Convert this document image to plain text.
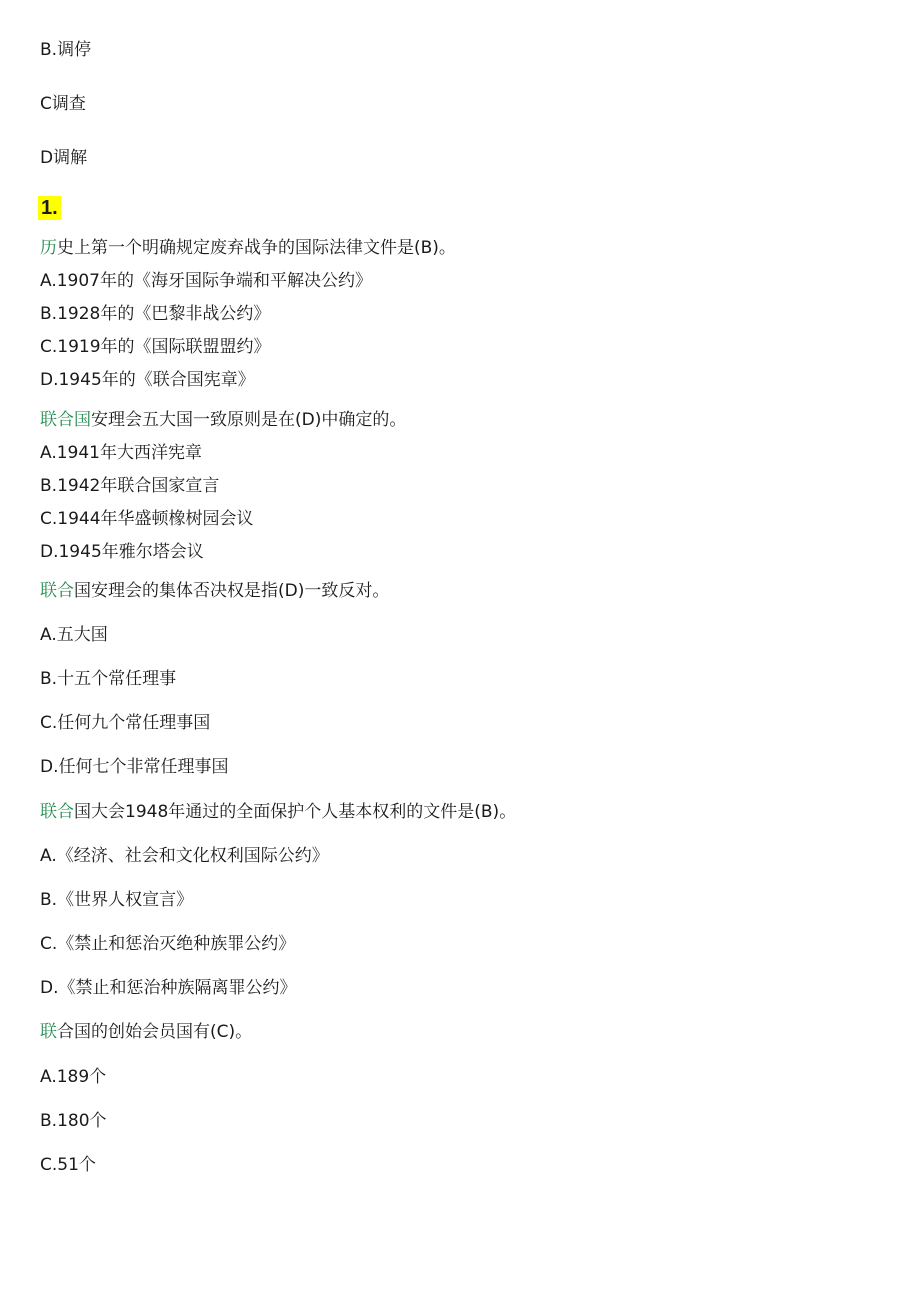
B.调停
C调查
D调解
1.
历史上第一个明确规定废弃战争的国际法律文件是(B)。
A.1907年的《海牙国际争端和平解决公约》
B.1928年的《巴黎非战公约》
C.1919年的《国际联盟盟约》
D.1945年的《联合国宪章》
联合国安理会五大国一致原则是在(D)中确定的。
A.1941年大西洋宪章
B.1942年联合国家宣言
C.1944年华盛顿橡树园会议
D.1945年雅尔塔会议
联合国安理会的集体否决权是指(D)一致反对。
A.五大国
B.十五个常任理事
C.任何九个常任理事国
D.任何七个非常任理事国
联合国大会1948年通过的全面保护个人基本权利的文件是(B)。
A.《经济、社会和文化权利国际公约》
B.《世界人权宣言》
C.《禁止和惩治灭绝种族罪公约》
D.《禁止和惩治种族隔离罪公约》
联合国的创始会员国有(C)。
A.189个
B.180个
C.51个
